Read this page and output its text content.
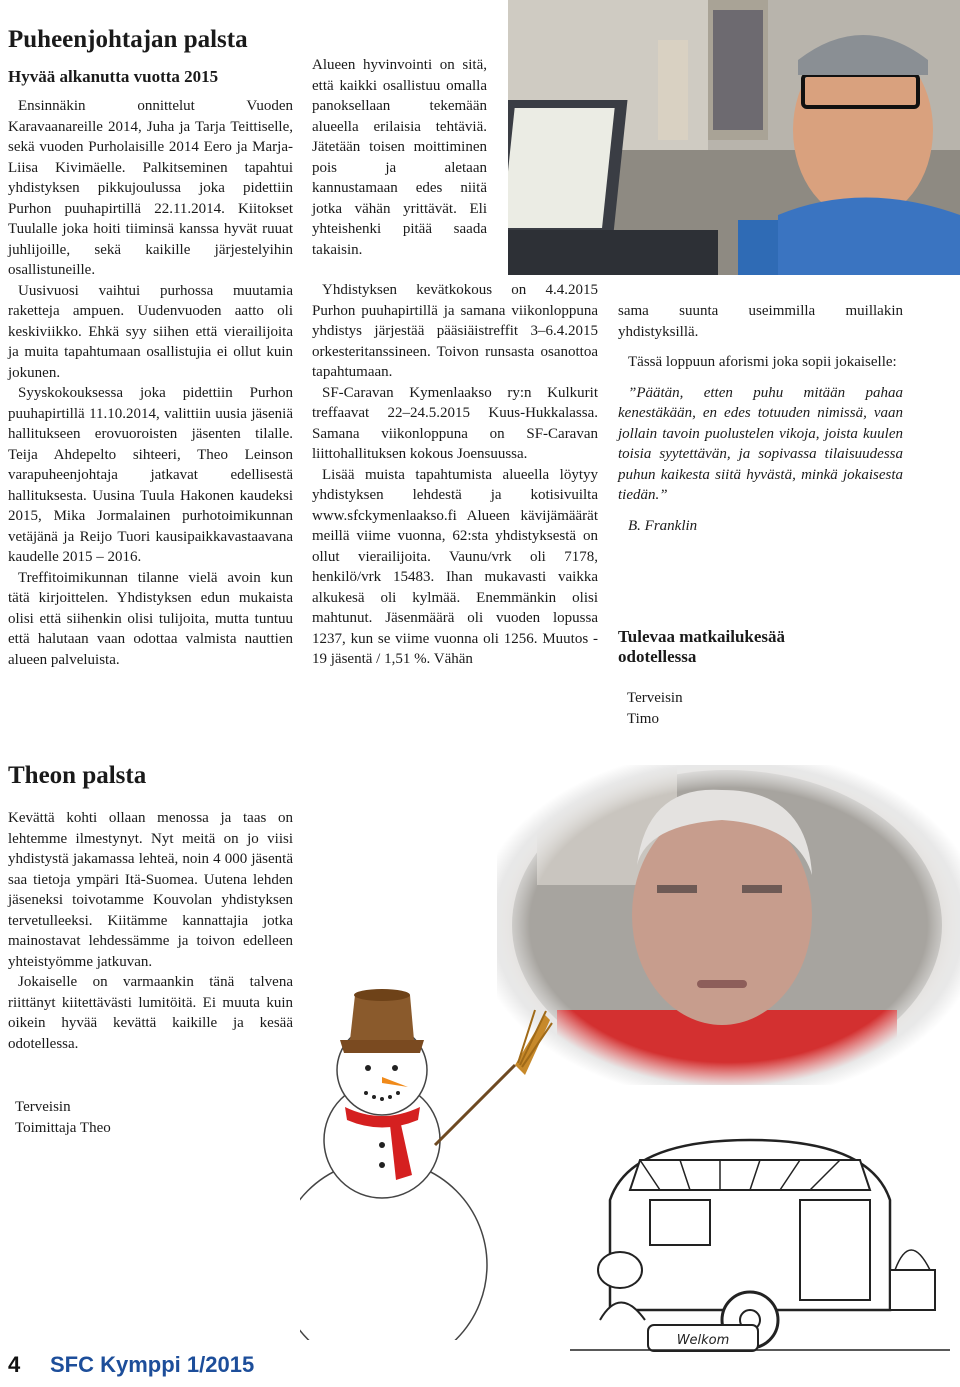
Puheenjohtajan palsta
Hyvää alkanutta vuotta 2015

Ensinnäkin onnittelut Vuoden Karavaanareille 2014, Juha ja Tarja Teittiselle, sekä vuoden Purholaisille 2014 Eero ja Marja-Liisa Kivimäelle. Palkitseminen tapahtui yhdistyksen pikkujoulussa joka pidettiin Purhon puuhapirtillä 22.11.2014. Kiitokset Tuulalle joka hoiti tiiminsä kanssa hyvät ruuat juhlijoille, sekä kaikille järjestelyihin osallistuneille.

Uusivuosi vaihtui purhossa muutamia raketteja ampuen. Uudenvuoden aatto oli keskiviikko. Ehkä syy siihen että vierailijoita ja muita tapahtumaan osallistujia ei ollut kuin jokunen.

Syyskokouksessa joka pidettiin Purhon puuhapirtillä 11.10.2014, valittiin uusia jäseniä hallitukseen erovuoroisten jäsenten tilalle. Teija Ahdepelto sihteeri, Theo Leinson varapuheenjohtaja jatkavat edellisestä hallituksesta. Uusina Tuula Hakonen kaudeksi 2015, Mika Jormalainen purhotoimikunnan vetäjänä ja Reijo Tuori kausipaikkavastaavana kaudelle 2015 – 2016.

Treffitoimikunnan tilanne vielä avoin kun tätä kirjoittelen. Yhdistyksen edun mukaista olisi että siihenkin olisi tulijoita, mutta tuntuu että halutaan vaan odottaa valmista nauttien alueen palveluista.

Alueen hyvinvointi on sitä, että kaikki osallistuu omalla panoksellaan tekemään alueella erilaisia tehtäviä. Jätetään toisen moittiminen pois ja aletaan kannustamaan edes niitä jotka vähän yrittävät. Eli yhteishenki pitää saada takaisin.

Yhdistyksen kevätkokous on 4.4.2015 Purhon puuhapirtillä ja samana viikonloppuna yhdistys järjestää pääsiäistreffit 3–6.4.2015 orkesteritanssineen. Toivon runsasta osanottoa tapahtumaan.

SF-Caravan Kymenlaakso ry:n Kulkurit treffaavat 22–24.5.2015 Kuus-Hukkalassa. Samana viikonloppuna on SF-Caravan liittohallituksen kokous Joensuussa.

Lisää muista tapahtumista alueella löytyy yhdistyksen lehdestä ja kotisivuilta www.sfckymenlaakso.fi Alueen kävijämäärät meillä viime vuonna, 62:sta yhdistyksestä on ollut vierailijoita. Vaunu/vrk oli 7178, henkilö/vrk 15483. Ihan mukavasti vaikka alkukesä oli kylmää. Enemmänkin olisi mahtunut. Jäsenmäärä oli vuoden lopussa 1237, kun se viime vuonna oli 1256. Muutos - 19 jäsentä / 1,51 %. Vähän

sama suunta useimmilla muillakin yhdistyksillä.

Tässä loppuun aforismi joka sopii jokaiselle:

”Päätän, etten puhu mitään pahaa kenestäkään, en edes totuuden nimissä, vaan jollain tavoin puolustelen vikoja, joista kuulen toisia syytettävän, ja sopivassa tilaisuudessa puhun kaikesta siitä hyvästä, minkä jokaisesta tiedän.”

B. Franklin

Tulevaa matkailukesää odotellessa
Terveisin
Timo
Theon palsta

Kevättä kohti ollaan menossa ja taas on lehtemme ilmestynyt. Nyt meitä on jo viisi yhdistystä jakamassa lehteä, noin 4 000 jäsentä saa tietoja ympäri Itä-Suomea. Uutena lehden jäseneksi toivotamme Kouvolan yhdistyksen tervetulleeksi. Kiitämme kannattajia jotka mainostavat lehdessämme ja toivon edelleen yhteistyömme jatkuvan.

Jokaiselle on varmaankin tänä talvena riittänyt kiitettävästi lumitöitä. Ei muuta kuin oikein hyvää kevättä kaikille ja kesää odotellessa.

Terveisin
Toimittaja Theo
Welkom
4 SFC Kymppi 1/2015
